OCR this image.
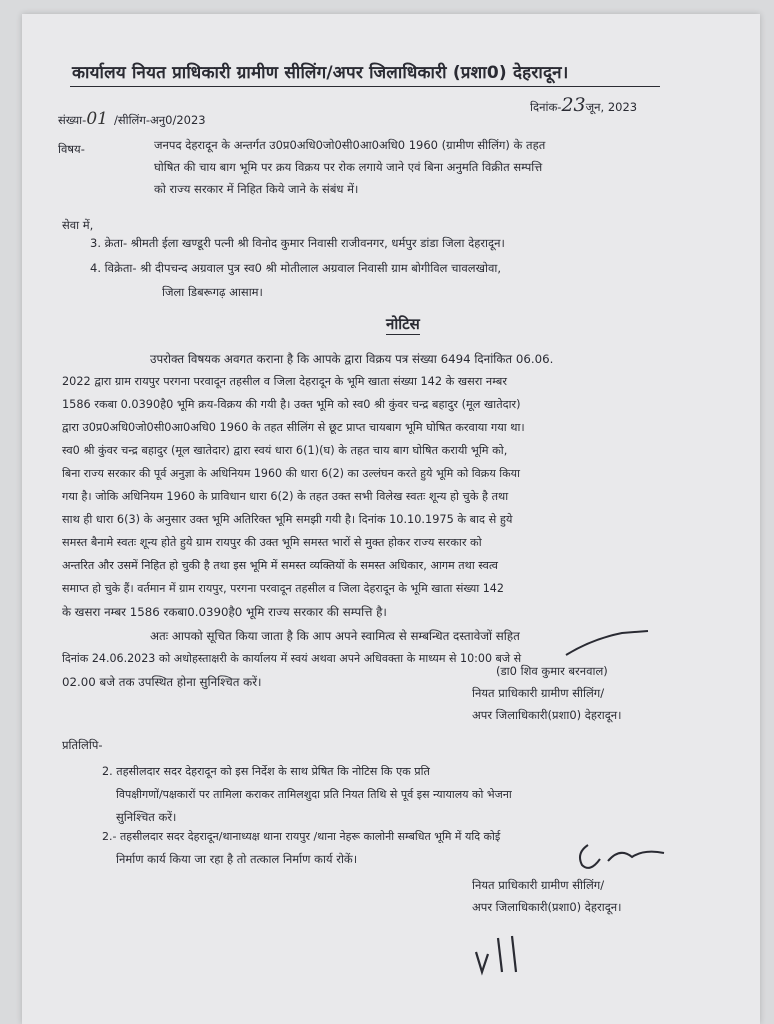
कार्यालय नियत प्राधिकारी ग्रामीण सीलिंग/अपर जिलाधिकारी (प्रशा0) देहरादून।
संख्या-01 /सीलिंग-अनु0/2023
दिनांक-23जून, 2023
विषय-	जनपद देहरादून के अन्तर्गत उ0प्र0अधि0जो0सी0आ0अधि0 1960 (ग्रामीण सीलिंग) के तहत
घोषित की चाय बाग भूमि पर क्रय विक्रय पर रोक लगाये जाने एवं बिना अनुमति विक्रीत सम्पत्ति
को राज्य सरकार में निहित किये जाने के संबंध में।
सेवा में,
3. क्रेता- श्रीमती ईला खण्डूरी पत्नी श्री विनोद कुमार निवासी राजीवनगर, धर्मपुर डांडा जिला देहरादून।
4. विक्रेता- श्री दीपचन्द अग्रवाल पुत्र स्व0 श्री मोतीलाल अग्रवाल निवासी ग्राम बोगीविल चावलखोवा,
जिला डिबरूगढ़ आसाम।
नोटिस
उपरोक्त विषयक अवगत कराना है कि आपके द्वारा विक्रय पत्र संख्या 6494 दिनांकित 06.06.
2022 द्वारा ग्राम रायपुर परगना परवादून तहसील व जिला देहरादून के भूमि खाता संख्या 142 के खसरा नम्बर
1586 रकबा 0.0390है0 भूमि क्रय-विक्रय की गयी है। उक्त भूमि को स्व0 श्री कुंवर चन्द्र बहादुर (मूल खातेदार)
द्वारा उ0प्र0अधि0जो0सी0आ0अधि0 1960 के तहत सीलिंग से छूट प्राप्त चायबाग भूमि घोषित करवाया गया था।
स्व0 श्री कुंवर चन्द्र बहादुर (मूल खातेदार) द्वारा स्वयं धारा 6(1)(घ) के तहत चाय बाग घोषित करायी भूमि को,
बिना राज्य सरकार की पूर्व अनुज्ञा के अधिनियम 1960 की धारा 6(2) का उल्लंघन करते हुये भूमि को विक्रय किया
गया है। जोकि अधिनियम 1960 के प्राविधान धारा 6(2) के तहत उक्त सभी विलेख स्वतः शून्य हो चुके है तथा
साथ ही धारा 6(3) के अनुसार उक्त भूमि अतिरिक्त भूमि समझी गयी है। दिनांक 10.10.1975 के बाद से हुये
समस्त बैनामे स्वतः शून्य होते हुये ग्राम रायपुर की उक्त भूमि समस्त भारों से मुक्त होकर राज्य सरकार को
अन्तरित और उसमें निहित हो चुकी है तथा इस भूमि में समस्त व्यक्तियों के समस्त अधिकार, आगम तथा स्वत्व
समाप्त हो चुके हैं। वर्तमान में ग्राम रायपुर, परगना परवादून तहसील व जिला देहरादून के भूमि खाता संख्या 142
के खसरा नम्बर 1586 रकबा0.0390है0 भूमि राज्य सरकार की सम्पत्ति है।
अतः आपको सूचित किया जाता है कि आप अपने स्वामित्व से सम्बन्धित दस्तावेजों सहित
दिनांक 24.06.2023 को अधोहस्ताक्षरी के कार्यालय में स्वयं अथवा अपने अधिवक्ता के माध्यम से 10:00 बजे से
02.00 बजे तक उपस्थित होना सुनिश्चित करें।
(डा0 शिव कुमार बरनवाल)
नियत प्राधिकारी ग्रामीण सीलिंग/
अपर जिलाधिकारी(प्रशा0) देहरादून।
प्रतिलिपि-
2. तहसीलदार सदर देहरादून को इस निर्देश के साथ प्रेषित कि नोटिस कि एक प्रति
विपक्षीगणों/पक्षकारों पर तामिला कराकर तामिलशुदा प्रति नियत तिथि से पूर्व इस न्यायालय को भेजना
सुनिश्चित करें।
2.- तहसीलदार सदर देहरादून/थानाध्यक्ष थाना रायपुर /थाना नेहरू कालोनी सम्बधित भूमि में यदि कोई
निर्माण कार्य किया जा रहा है तो तत्काल निर्माण कार्य रोकें।
नियत प्राधिकारी ग्रामीण सीलिंग/
अपर जिलाधिकारी(प्रशा0) देहरादून।
